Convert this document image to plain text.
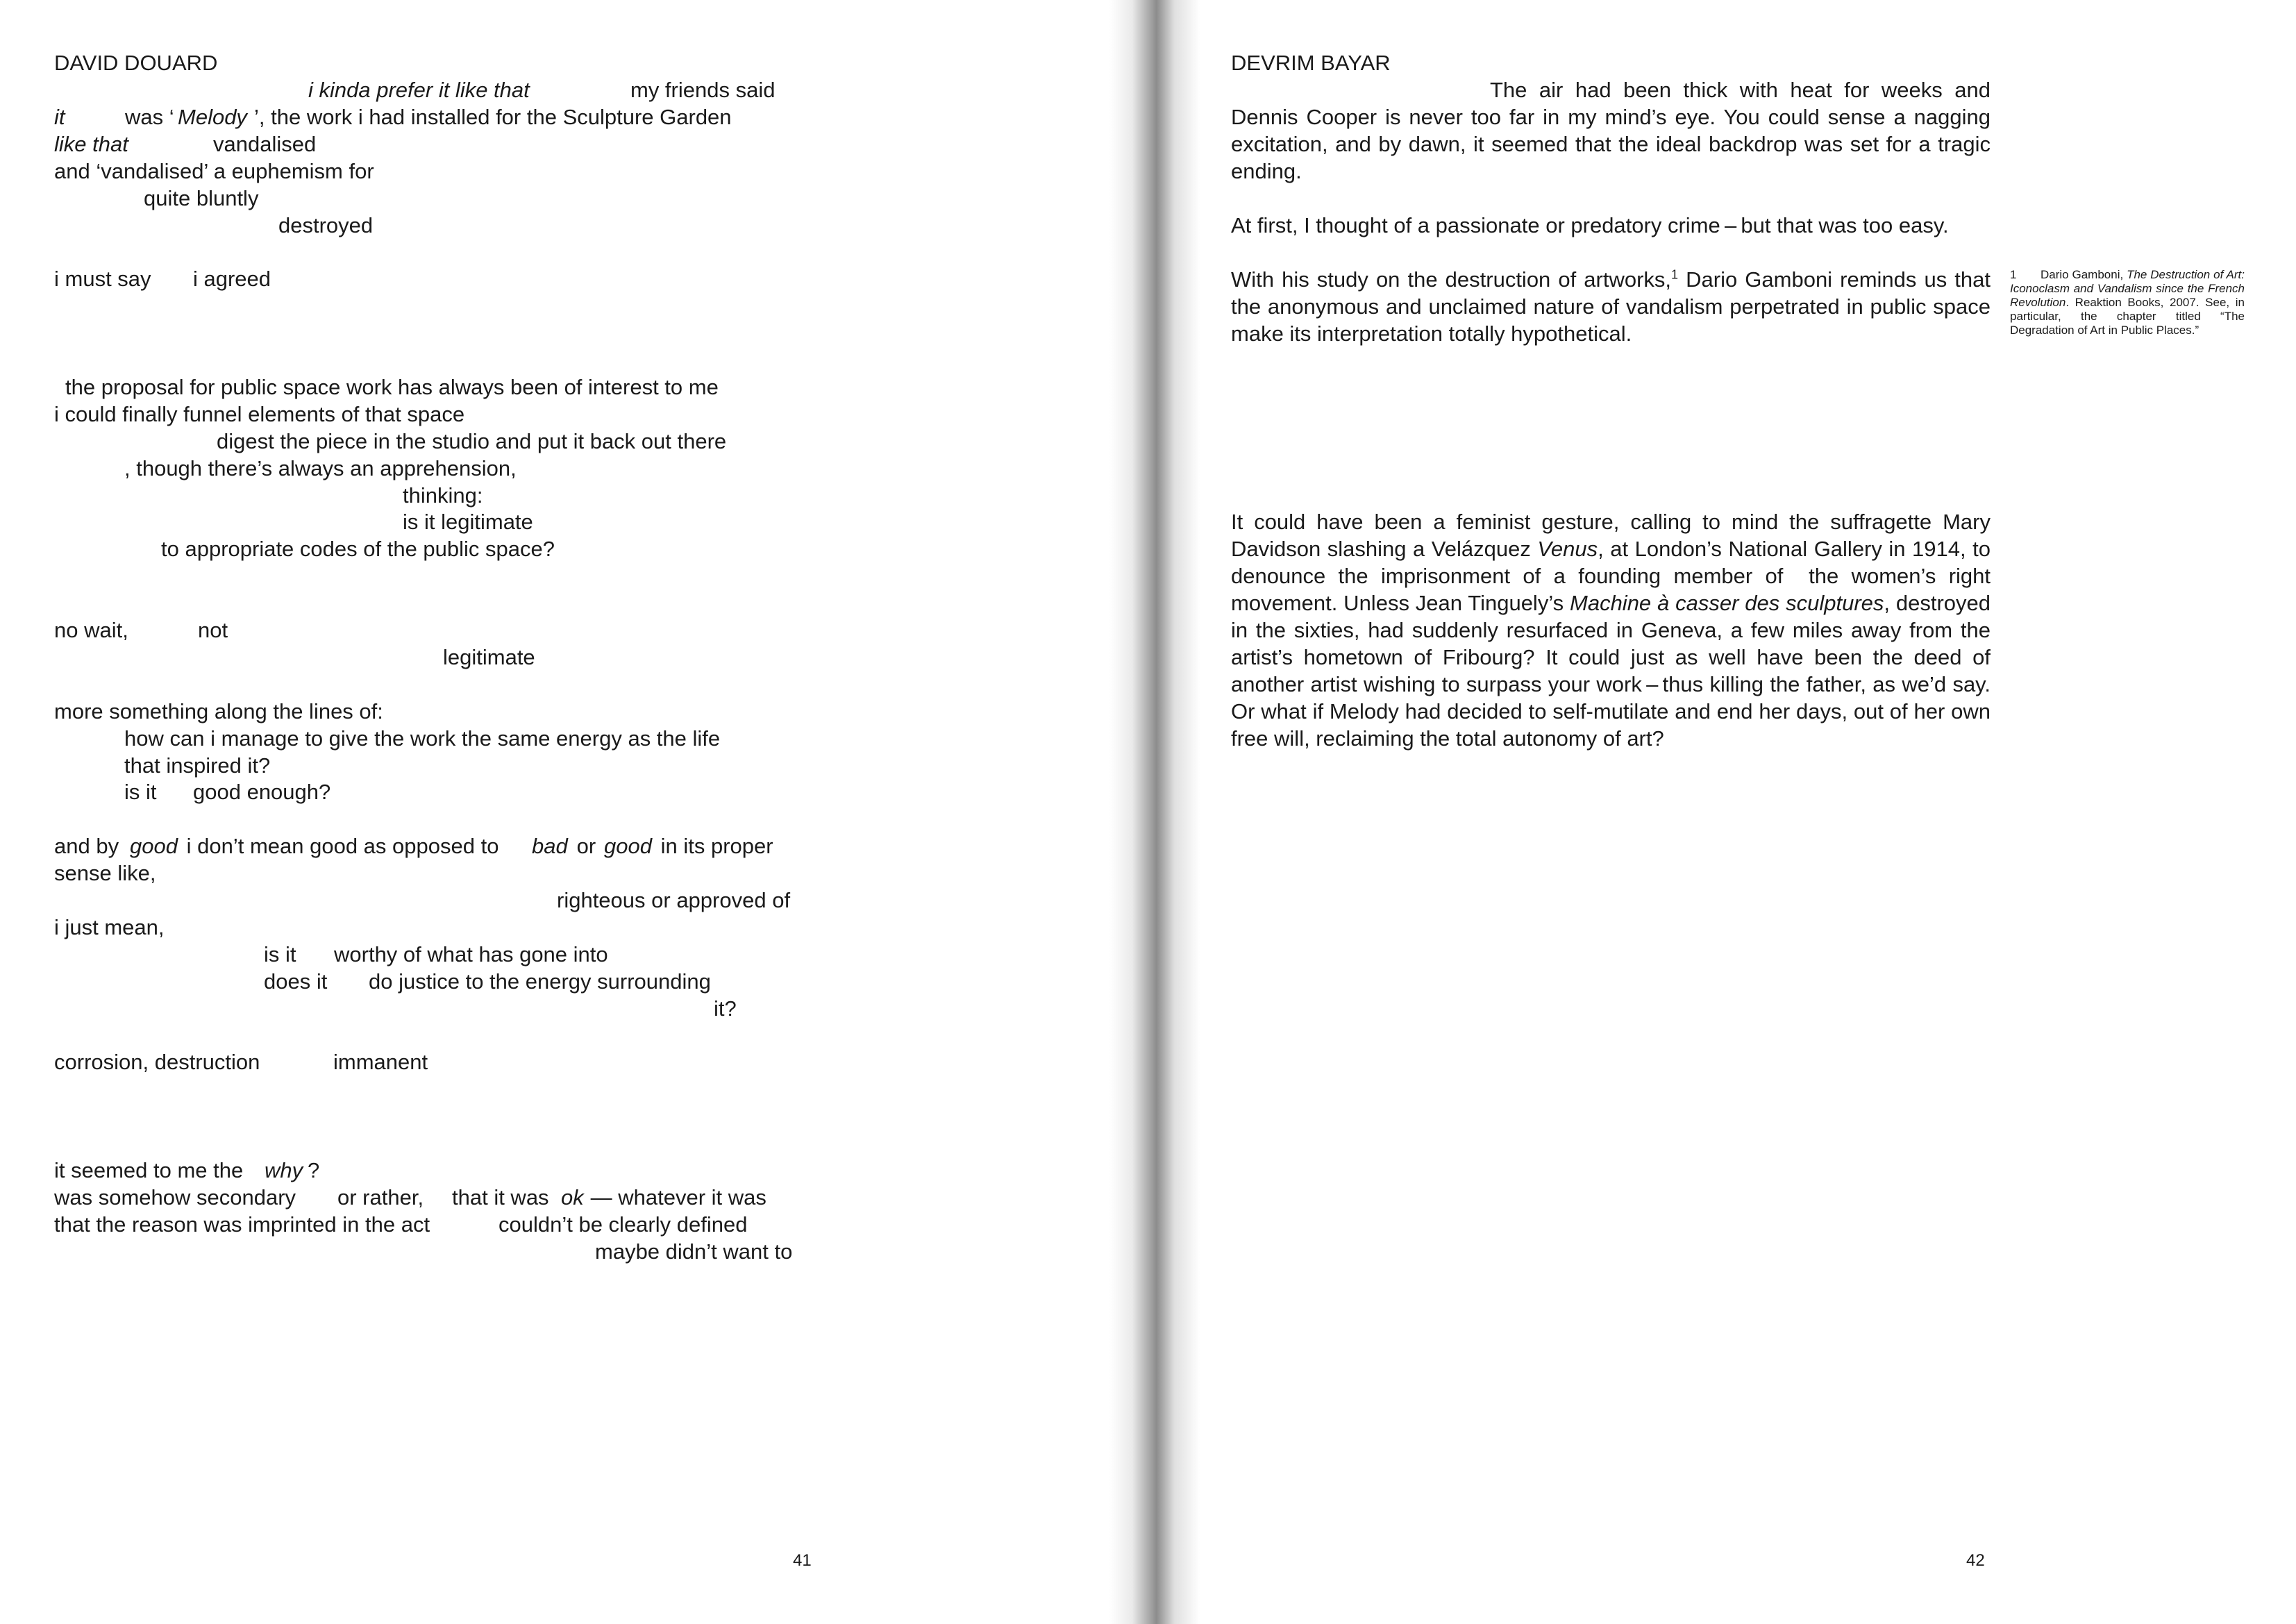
DAVID DOUARD
i kinda prefer it like that	my friends said
it	was ‘ Melody ’, the work i had installed for the Sculpture Garden
like that	vandalised
and ‘vandalised’ a euphemism for
quite bluntly
destroyed
i must say i agreed
the proposal for public space work has always been of interest to me
i could finally funnel elements of that space
digest the piece in the studio and put it back out there
, though there’s always an apprehension,
thinking:
is it legitimate
to appropriate codes of the public space?
no wait,	not
legitimate
more something along the lines of:
how can i manage to give the work the same energy as the life
that inspired it?
is it good enough?
and by good i don’t mean good as opposed to bad or good in its proper
sense like,
righteous or approved of
i just mean,
is it worthy of what has gone into
does it do justice to the energy surrounding
it?
corrosion, destruction	immanent
it seemed to me the why ?
was somehow secondary or rather, that it was ok — whatever it was
that the reason was imprinted in the act	couldn’t be clearly defined
maybe didn’t want to
41
DEVRIM BAYAR
The air had been thick with heat for weeks and Dennis Cooper is never too far in my mind’s eye. You could sense a nagging excitation, and by dawn, it seemed that the ideal backdrop was set for a tragic ending.
At first, I thought of a passionate or predatory crime – but that was too easy.
With his study on the destruction of artworks,$^1$ Dario Gamboni reminds us that the anonymous and unclaimed nature of vandalism perpetrated in public space make its interpretation totally hypothetical.
It could have been a feminist gesture, calling to mind the suffragette Mary Davidson slashing a Velázquez Venus, at London’s National Gallery in 1914, to denounce the imprisonment of a founding member of  the women’s right movement. Unless Jean Tinguely’s Machine à casser des sculptures, destroyed in the sixties, had suddenly resurfaced in Geneva, a few miles away from the artist’s hometown of Fribourg? It could just as well have been the deed of another artist wishing to surpass your work – thus killing the father, as we’d say. Or what if Melody had decided to self-mutilate and end her days, out of her own free will, reclaiming the total autonomy of art?
1 Dario Gamboni, The Destruction of Art: Iconoclasm and Vandalism since the French Revolution. Reaktion Books, 2007. See, in particular, the chapter titled “The Degradation of Art in Public Places.”
42
